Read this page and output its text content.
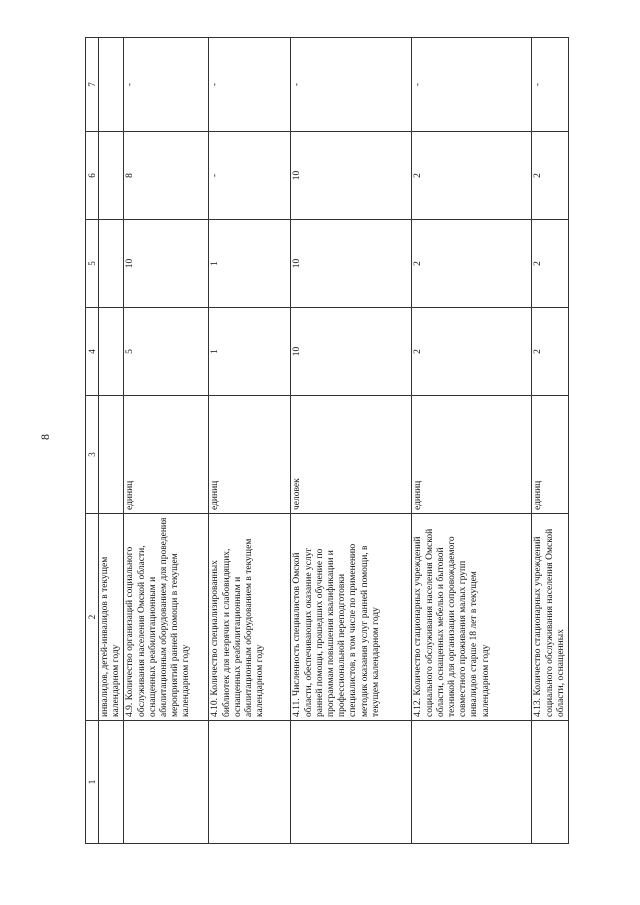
8
1	2	3	4	5	6	7
	инвалидов, детей-инвалидов в текущем календарном году					
	4.9. Количество организаций социального обслуживания населения Омской области, оснащенных реабилитационным и абилитационным оборудованием для проведения мероприятий ранней помощи в текущем календарном году	единиц	5	10	8	-
	4.10. Количество специализированных библиотек для незрячих и слабовидящих, оснащенных реабилитационным и абилитационным оборудованием в текущем календарном году	единиц	1	1	-	-
	4.11. Численность специалистов Омской области, обеспечивающих оказание услуг ранней помощи, прошедших обучение по программам повышения квалификации и профессиональной переподготовки специалистов, в том числе по применению методик оказания услуг ранней помощи, в текущем календарном году	человек	10	10	10	-
	4.12. Количество стационарных учреждений социального обслуживания населения Омской области, оснащенных мебелью и бытовой техникой для организации сопровождаемого совместного проживания малых групп инвалидов старше 18 лет в текущем календарном году	единиц	2	2	2	-
	4.13. Количество стационарных учреждений социального обслуживания населения Омской области, оснащенных	единиц	2	2	2	-
